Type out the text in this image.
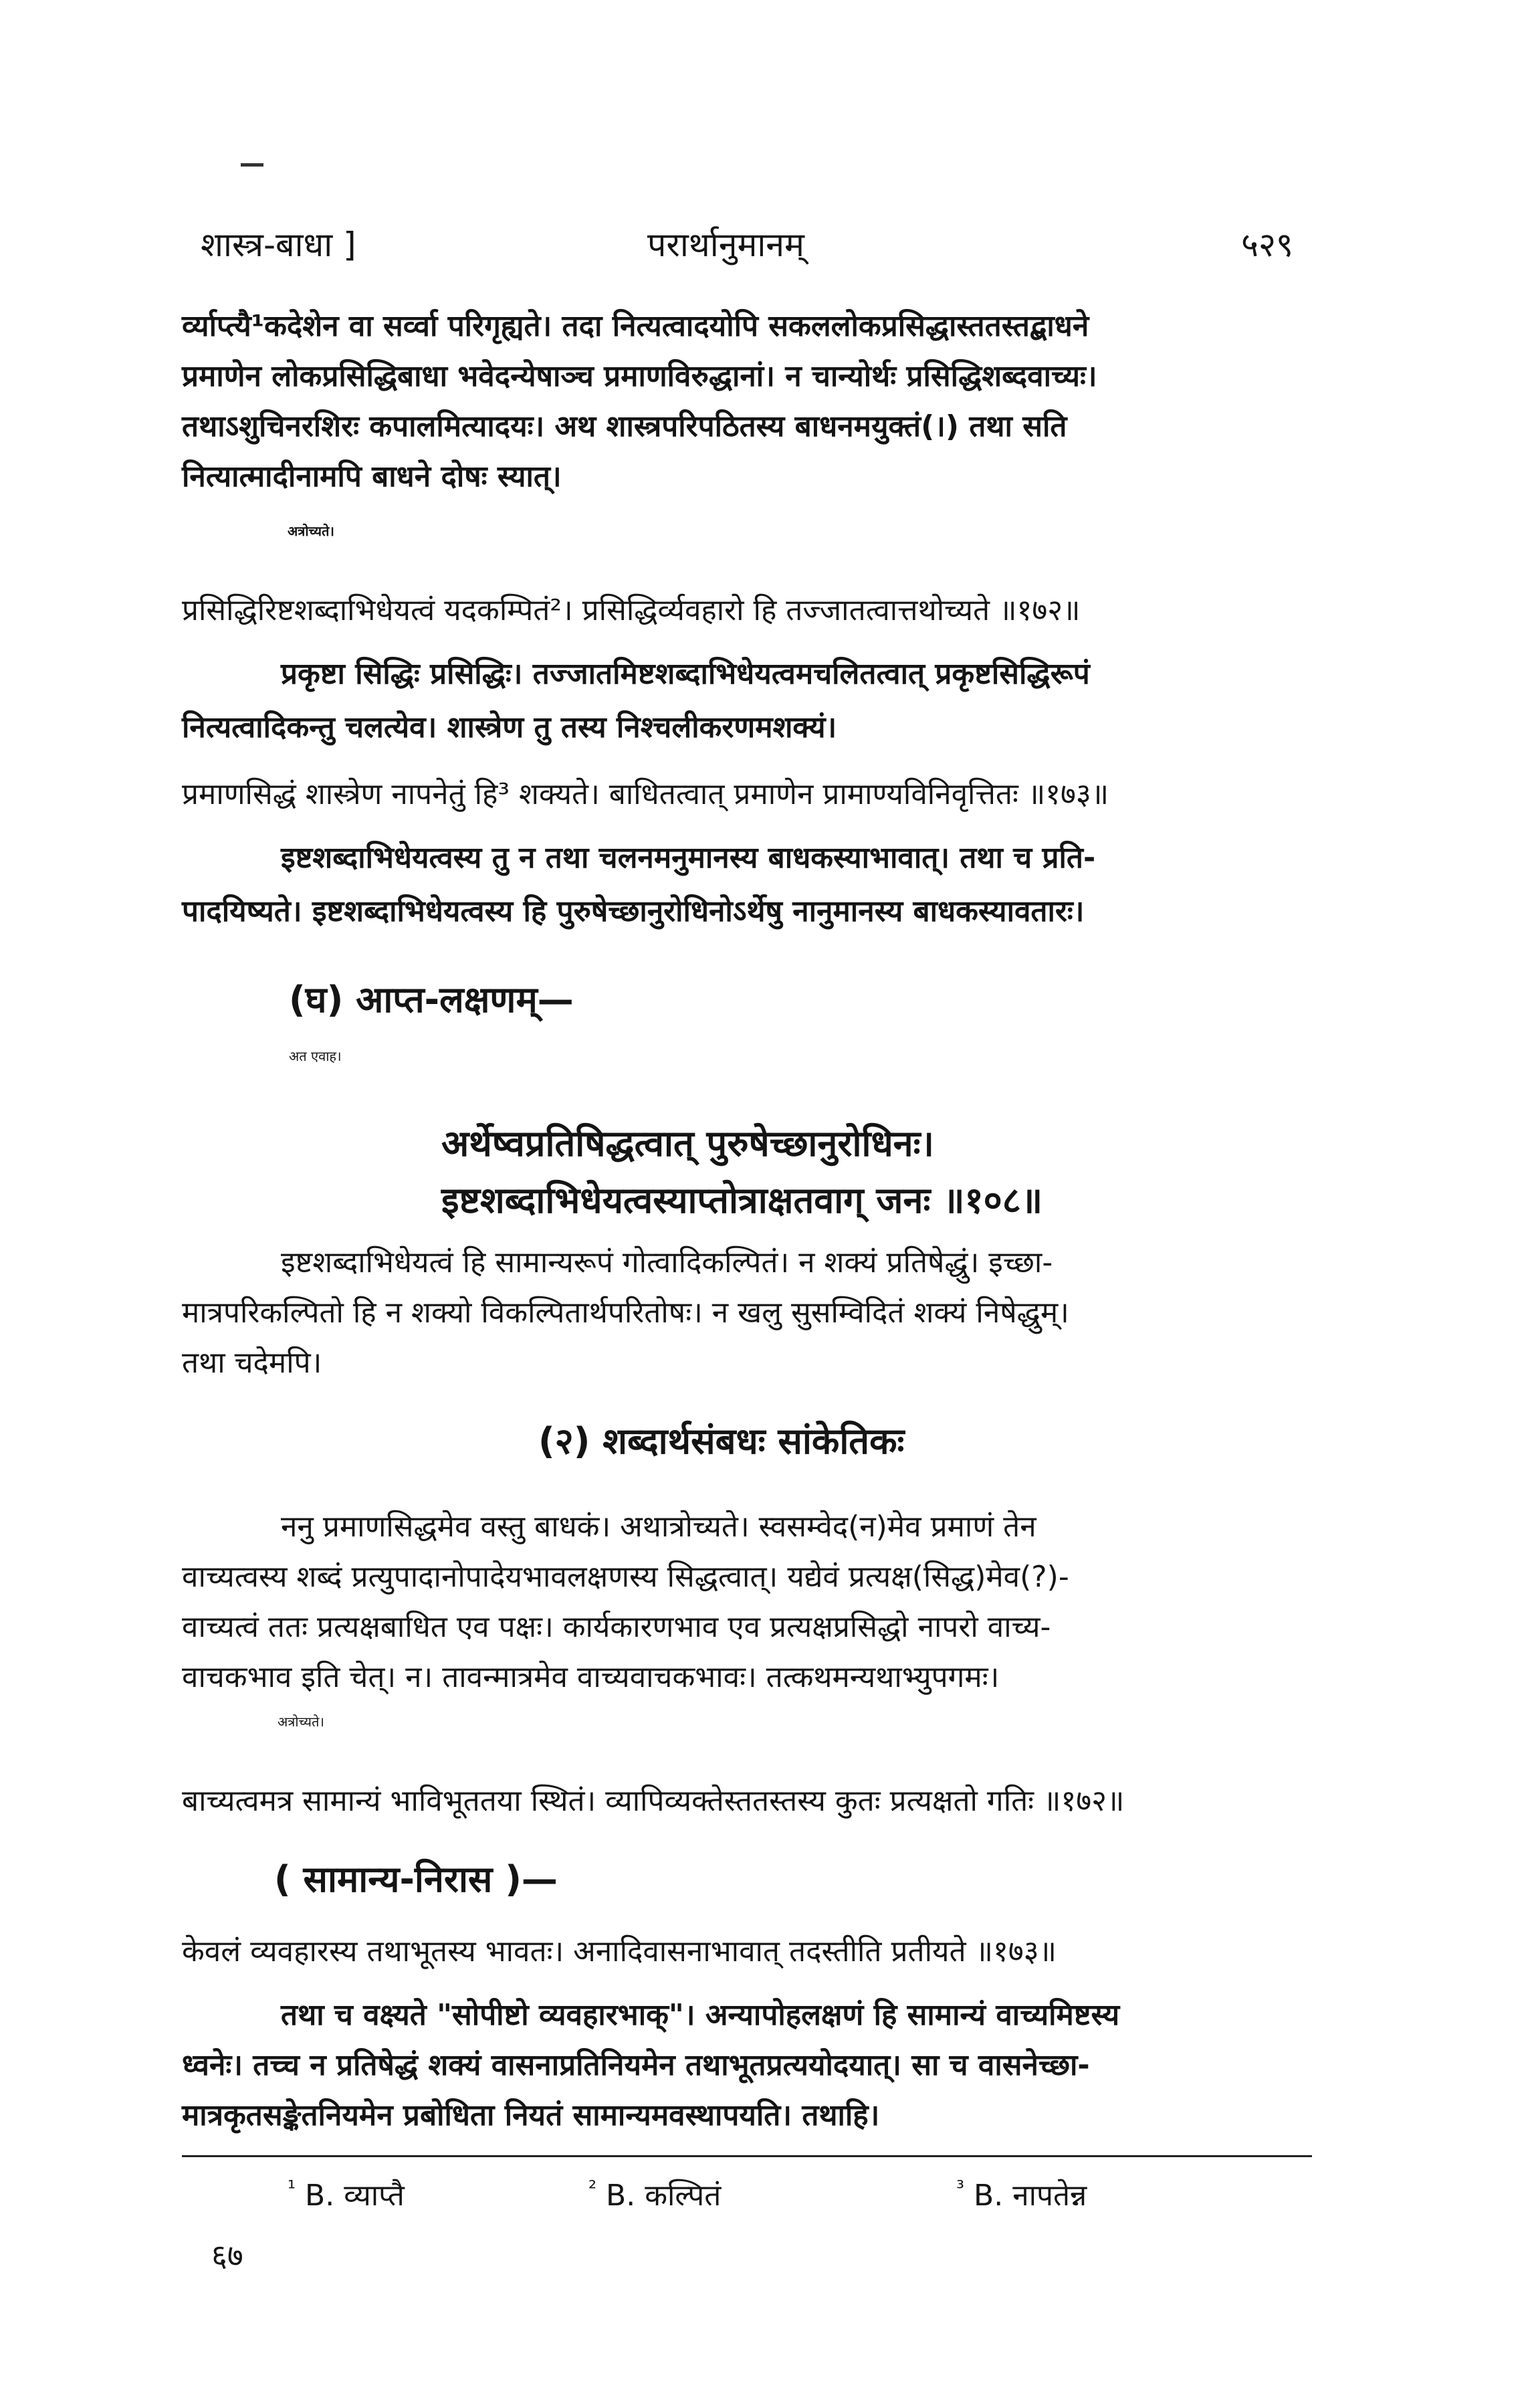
शास्त्र-बाधा ]	परार्थानुमानम्	५२९
र्व्याप्त्यै¹कदेशेन वा सर्व्वा परिगृह्यते। तदा नित्यत्वादयोपि सकललोकप्रसिद्धास्ततस्तद्बाधने
प्रमाणेन लोकप्रसिद्धिबाधा भवेदन्येषाञ्च प्रमाणविरुद्धानां। न चान्योर्थः प्रसिद्धिशब्दवाच्यः।
तथाऽशुचिनरशिरः कपालमित्यादयः। अथ शास्त्रपरिपठितस्य बाधनमयुक्तं(।) तथा सति
नित्यात्मादीनामपि बाधने दोषः स्यात्।
अत्रोच्यते।
प्रसिद्धिरिष्टशब्दाभिधेयत्वं यदकम्पितं²। प्रसिद्धिर्व्यवहारो हि तज्जातत्वात्तथोच्यते ॥१७२॥
प्रकृष्टा सिद्धिः प्रसिद्धिः। तज्जातमिष्टशब्दाभिधेयत्वमचलितत्वात् प्रकृष्टसिद्धिरूपं
नित्यत्वादिकन्तु चलत्येव। शास्त्रेण तु तस्य निश्चलीकरणमशक्यं।
प्रमाणसिद्धं शास्त्रेण नापनेतुं हि³ शक्यते। बाधितत्वात् प्रमाणेन प्रामाण्यविनिवृत्तितः ॥१७३॥
इष्टशब्दाभिधेयत्वस्य तु न तथा चलनमनुमानस्य बाधकस्याभावात्। तथा च प्रति-
पादयिष्यते। इष्टशब्दाभिधेयत्वस्य हि पुरुषेच्छानुरोधिनोऽर्थेषु नानुमानस्य बाधकस्यावतारः।
(घ) आप्त-लक्षणम्—
अत एवाह।
अर्थेष्वप्रतिषिद्धत्वात् पुरुषेच्छानुरोधिनः।
इष्टशब्दाभिधेयत्वस्याप्तोत्राक्षतवाग् जनः ॥१०८॥
इष्टशब्दाभिधेयत्वं हि सामान्यरूपं गोत्वादिकल्पितं। न शक्यं प्रतिषेद्धुं। इच्छा-
मात्रपरिकल्पितो हि न शक्यो विकल्पितार्थपरितोषः। न खलु सुसम्विदितं शक्यं निषेद्धुम्।
तथा चदेमपि।
(२) शब्दार्थसंबधः सांकेतिकः
ननु प्रमाणसिद्धमेव वस्तु बाधकं। अथात्रोच्यते। स्वसम्वेद(न)मेव प्रमाणं तेन
वाच्यत्वस्य शब्दं प्रत्युपादानोपादेयभावलक्षणस्य सिद्धत्वात्। यद्येवं प्रत्यक्ष(सिद्ध)मेव(?)-
वाच्यत्वं ततः प्रत्यक्षबाधित एव पक्षः। कार्यकारणभाव एव प्रत्यक्षप्रसिद्धो नापरो वाच्य-
वाचकभाव इति चेत्। न। तावन्मात्रमेव वाच्यवाचकभावः। तत्कथमन्यथाभ्युपगमः।
अत्रोच्यते।
बाच्यत्वमत्र सामान्यं भाविभूततया स्थितं। व्यापिव्यक्तेस्ततस्तस्य कुतः प्रत्यक्षतो गतिः ॥१७२॥
( सामान्य-निरास )—
केवलं व्यवहारस्य तथाभूतस्य भावतः। अनादिवासनाभावात् तदस्तीति प्रतीयते ॥१७३॥
तथा च वक्ष्यते "सोपीष्टो व्यवहारभाक्"। अन्यापोहलक्षणं हि सामान्यं वाच्यमिष्टस्य
ध्वनेः। तच्च न प्रतिषेद्धं शक्यं वासनाप्रतिनियमेन तथाभूतप्रत्ययोदयात्। सा च वासनेच्छा-
मात्रकृतसङ्केतनियमेन प्रबोधिता नियतं सामान्यमवस्थापयति। तथाहि।
$^{^1}$ B. व्याप्तै	$^{^2}$ B. कल्पितं	$^{^3}$ B. नापतेन्न
६७
